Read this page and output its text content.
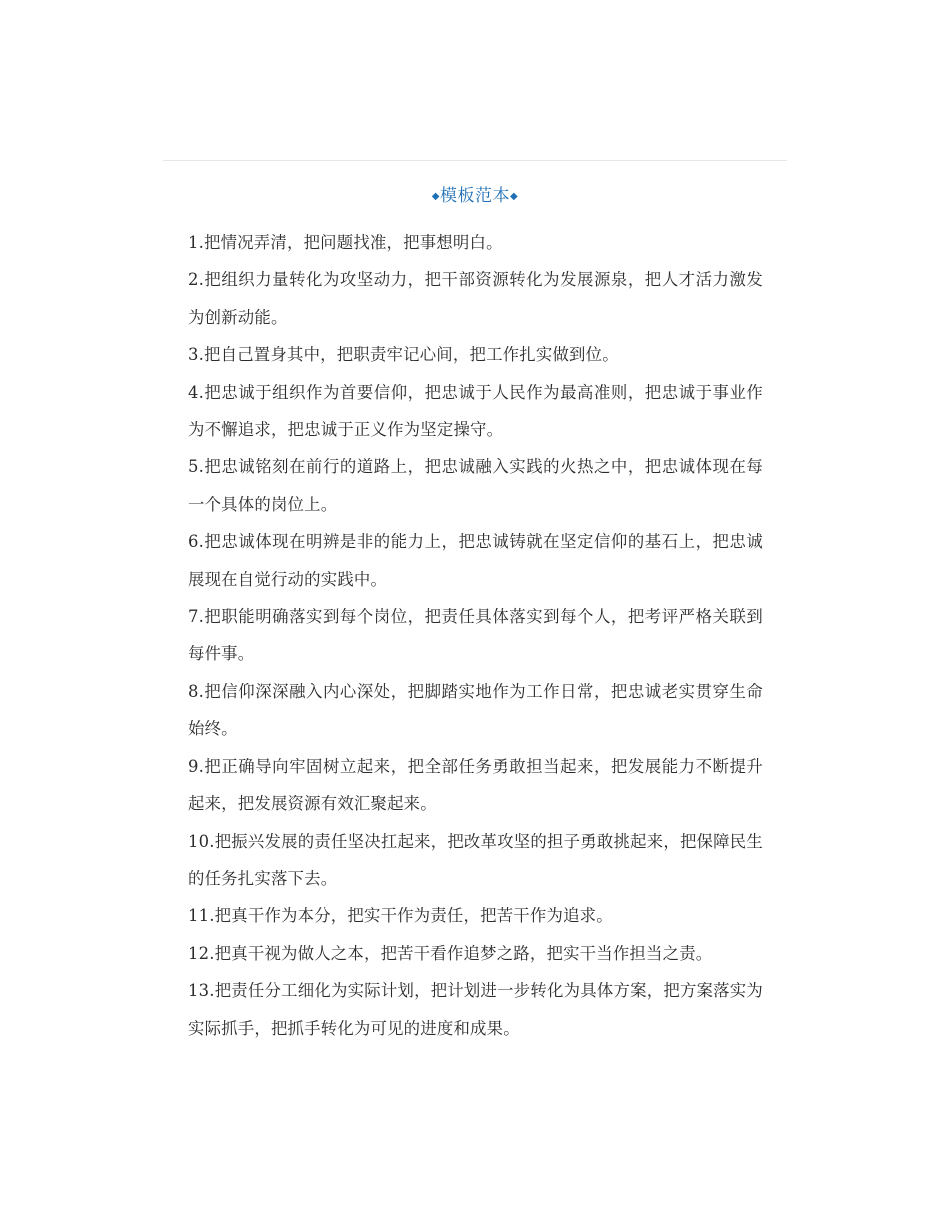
◆模板范本◆

1.把情况弄清，把问题找准，把事想明白。

2.把组织力量转化为攻坚动力，把干部资源转化为发展源泉，把人才活力激发为创新动能。

3.把自己置身其中，把职责牢记心间，把工作扎实做到位。

4.把忠诚于组织作为首要信仰，把忠诚于人民作为最高准则，把忠诚于事业作为不懈追求，把忠诚于正义作为坚定操守。

5.把忠诚铭刻在前行的道路上，把忠诚融入实践的火热之中，把忠诚体现在每一个具体的岗位上。

6.把忠诚体现在明辨是非的能力上，把忠诚铸就在坚定信仰的基石上，把忠诚展现在自觉行动的实践中。

7.把职能明确落实到每个岗位，把责任具体落实到每个人，把考评严格关联到每件事。

8.把信仰深深融入内心深处，把脚踏实地作为工作日常，把忠诚老实贯穿生命始终。

9.把正确导向牢固树立起来，把全部任务勇敢担当起来，把发展能力不断提升起来，把发展资源有效汇聚起来。

10.把振兴发展的责任坚决扛起来，把改革攻坚的担子勇敢挑起来，把保障民生的任务扎实落下去。

11.把真干作为本分，把实干作为责任，把苦干作为追求。

12.把真干视为做人之本，把苦干看作追梦之路，把实干当作担当之责。

13.把责任分工细化为实际计划，把计划进一步转化为具体方案，把方案落实为实际抓手，把抓手转化为可见的进度和成果。
